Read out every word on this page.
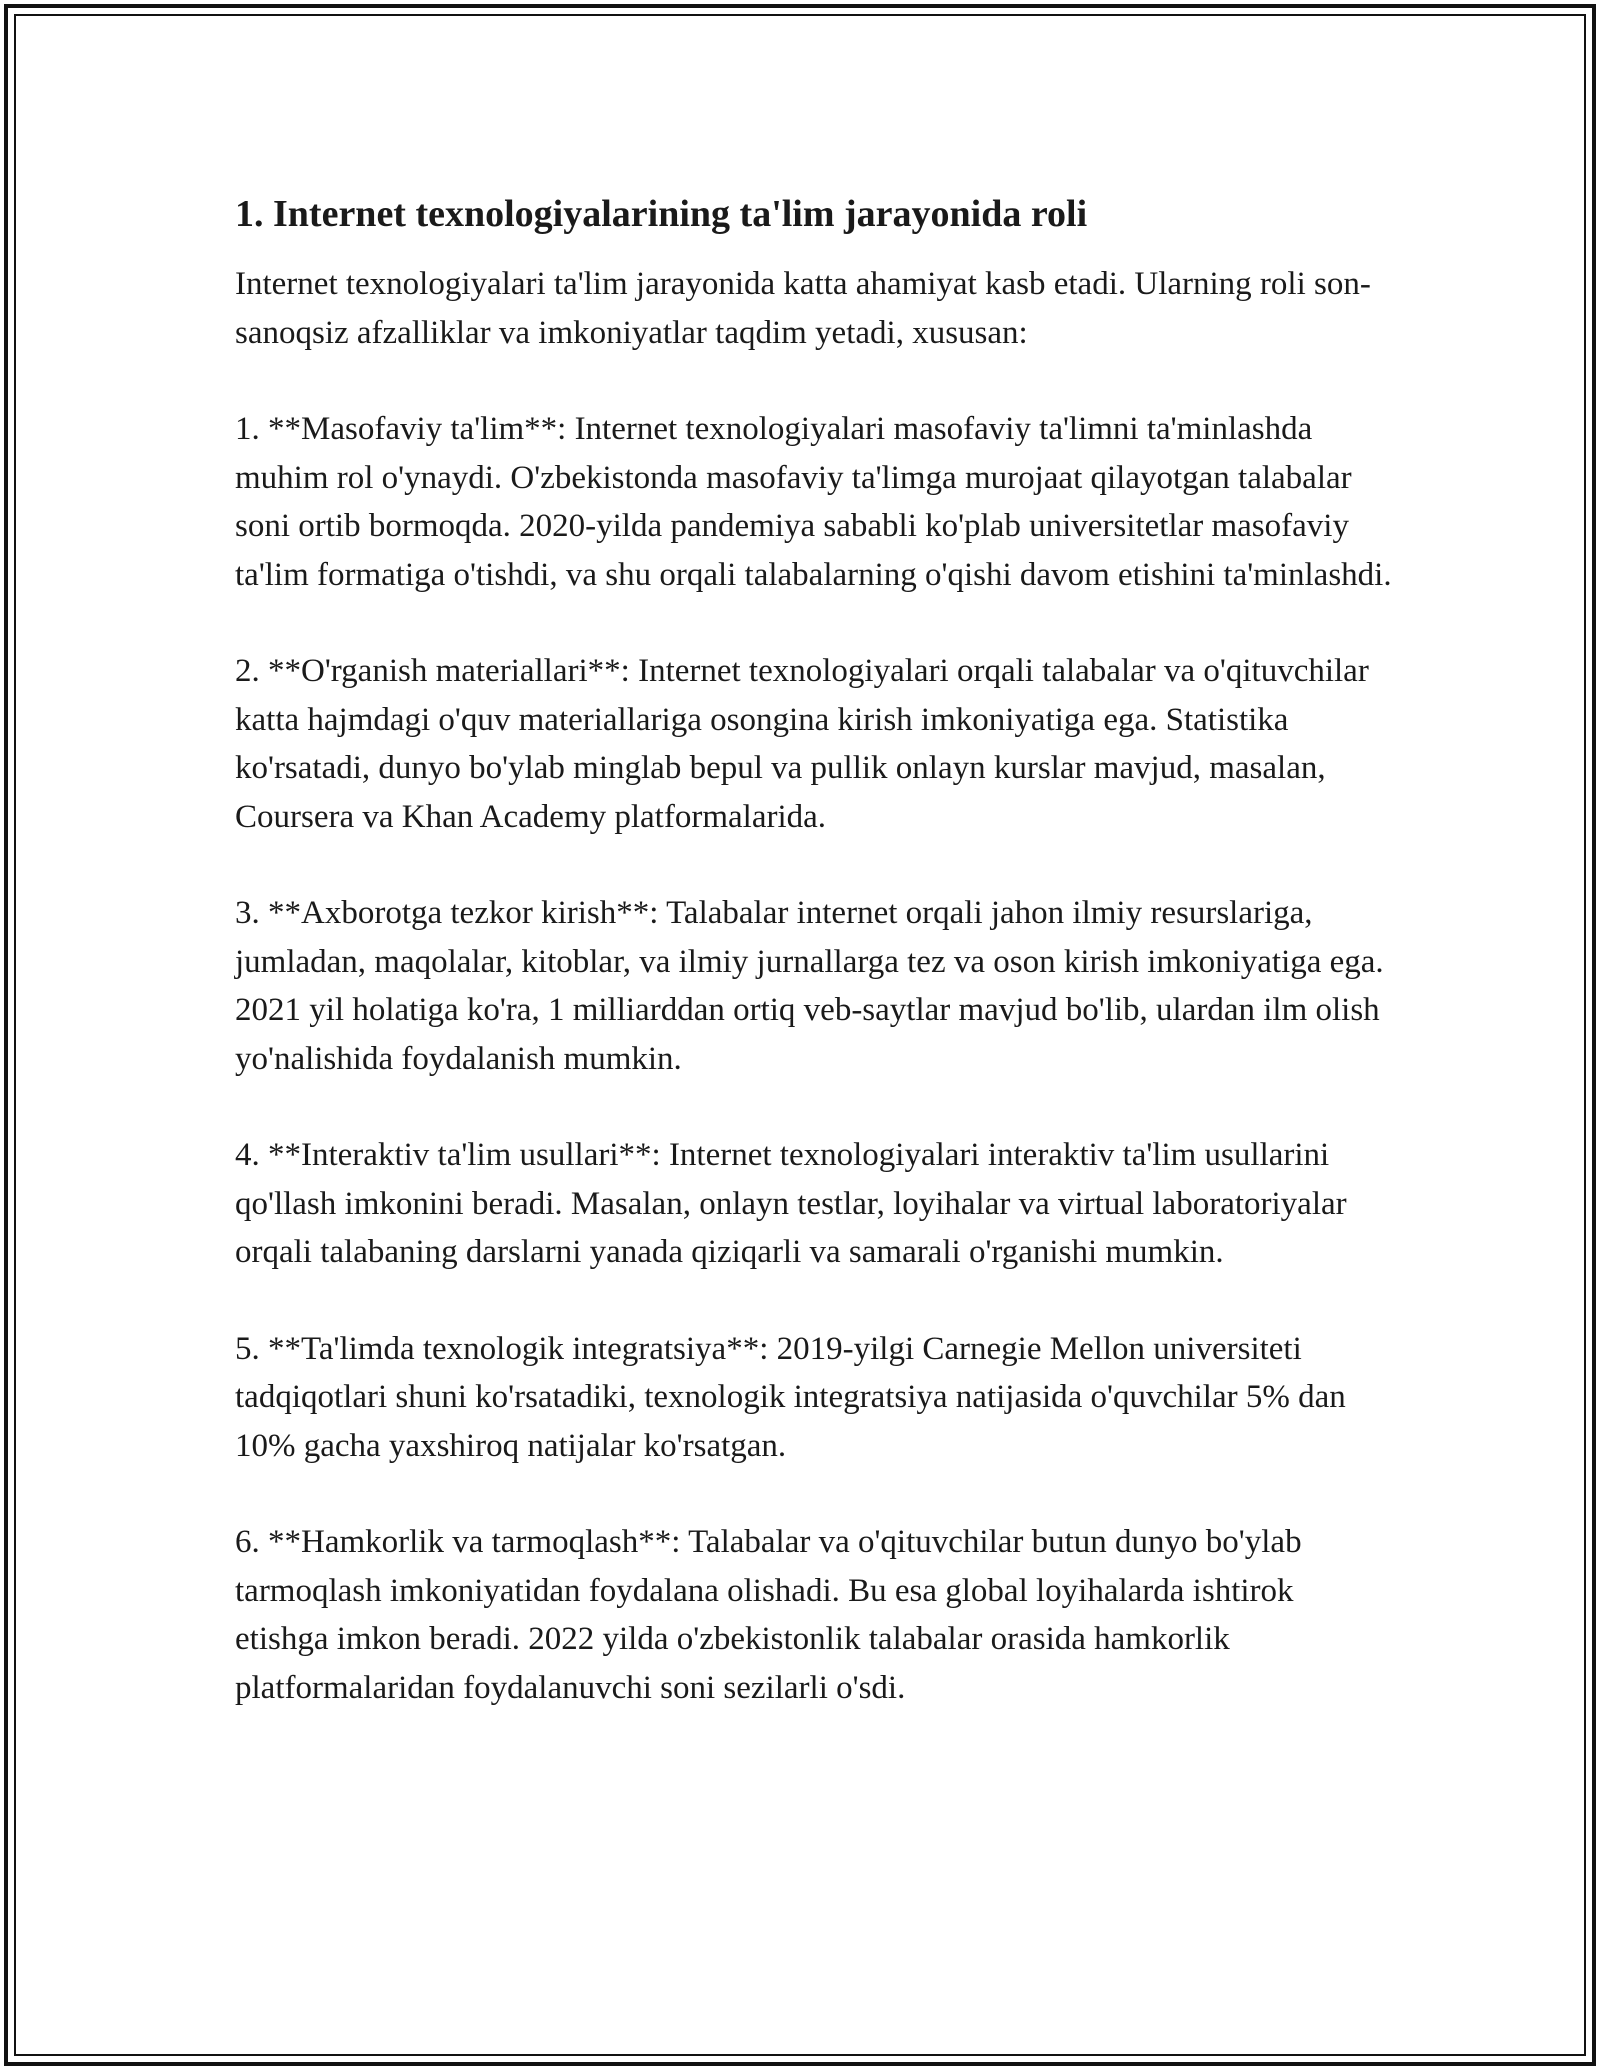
1. Internet texnologiyalarining ta'lim jarayonida roli

Internet texnologiyalari ta'lim jarayonida katta ahamiyat kasb etadi. Ularning roli son-sanoqsiz afzalliklar va imkoniyatlar taqdim yetadi, xususan:

1. **Masofaviy ta'lim**: Internet texnologiyalari masofaviy ta'limni ta'minlashda muhim rol o'ynaydi. O'zbekistonda masofaviy ta'limga murojaat qilayotgan talabalar soni ortib bormoqda. 2020-yilda pandemiya sababli ko'plab universitetlar masofaviy ta'lim formatiga o'tishdi, va shu orqali talabalarning o'qishi davom etishini ta'minlashdi.

2. **O'rganish materiallari**: Internet texnologiyalari orqali talabalar va o'qituvchilar katta hajmdagi o'quv materiallariga osongina kirish imkoniyatiga ega. Statistika ko'rsatadi, dunyo bo'ylab minglab bepul va pullik onlayn kurslar mavjud, masalan, Coursera va Khan Academy platformalarida.

3. **Axborotga tezkor kirish**: Talabalar internet orqali jahon ilmiy resurslariga, jumladan, maqolalar, kitoblar, va ilmiy jurnallarga tez va oson kirish imkoniyatiga ega. 2021 yil holatiga ko'ra, 1 milliarddan ortiq veb-saytlar mavjud bo'lib, ulardan ilm olish yo'nalishida foydalanish mumkin.

4. **Interaktiv ta'lim usullari**: Internet texnologiyalari interaktiv ta'lim usullarini qo'llash imkonini beradi. Masalan, onlayn testlar, loyihalar va virtual laboratoriyalar orqali talabaning darslarni yanada qiziqarli va samarali o'rganishi mumkin.

5. **Ta'limda texnologik integratsiya**: 2019-yilgi Carnegie Mellon universiteti tadqiqotlari shuni ko'rsatadiki, texnologik integratsiya natijasida o'quvchilar 5% dan 10% gacha yaxshiroq natijalar ko'rsatgan.

6. **Hamkorlik va tarmoqlash**: Talabalar va o'qituvchilar butun dunyo bo'ylab tarmoqlash imkoniyatidan foydalana olishadi. Bu esa global loyihalarda ishtirok etishga imkon beradi. 2022 yilda o'zbekistonlik talabalar orasida hamkorlik platformalaridan foydalanuvchi soni sezilarli o'sdi.
